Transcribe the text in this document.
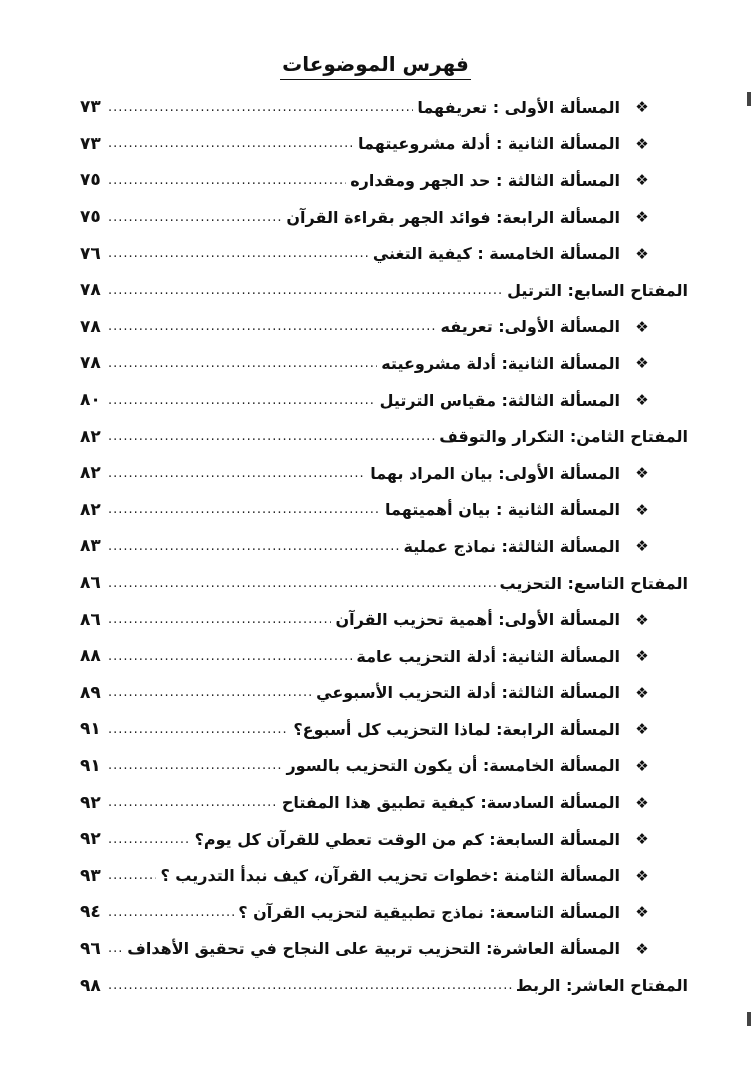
فهرس الموضوعات
❖
المسألة الأولى : تعريفهما
.....
٧٣
❖
المسألة الثانية : أدلة مشروعيتهما
.....
٧٣
❖
المسألة الثالثة : حد الجهر ومقداره
.....
٧٥
❖
المسألة الرابعة: فوائد الجهر بقراءة القرآن
.....
٧٥
❖
المسألة الخامسة : كيفية التغني
.....
٧٦
المفتاح السابع: الترتيل
.....
٧٨
❖
المسألة الأولى: تعريفه
.....
٧٨
❖
المسألة الثانية: أدلة مشروعيته
.....
٧٨
❖
المسألة الثالثة: مقياس الترتيل
.....
٨٠
المفتاح الثامن: التكرار والتوقف
.....
٨٢
❖
المسألة الأولى: بيان المراد بهما
.....
٨٢
❖
المسألة الثانية : بيان أهميتهما
.....
٨٢
❖
المسألة الثالثة: نماذج عملية
.....
٨٣
المفتاح التاسع: التحزيب
.....
٨٦
❖
المسألة الأولى: أهمية تحزيب القرآن
.....
٨٦
❖
المسألة الثانية: أدلة التحزيب عامة
.....
٨٨
❖
المسألة الثالثة: أدلة التحزيب الأسبوعي
.....
٨٩
❖
المسألة الرابعة: لماذا التحزيب كل أسبوع؟
.....
٩١
❖
المسألة الخامسة: أن يكون التحزيب بالسور
.....
٩١
❖
المسألة السادسة: كيفية تطبيق هذا المفتاح
.....
٩٢
❖
المسألة السابعة: كم من الوقت تعطي للقرآن كل يوم؟
.....
٩٢
❖
المسألة الثامنة :خطوات تحزيب القرآن، كيف نبدأ التدريب ؟
.....
٩٣
❖
المسألة التاسعة: نماذج تطبيقية لتحزيب القرآن ؟
.....
٩٤
❖
المسألة العاشرة: التحزيب تربية على النجاح في تحقيق الأهداف
.....
٩٦
المفتاح العاشر: الربط
.....
٩٨
